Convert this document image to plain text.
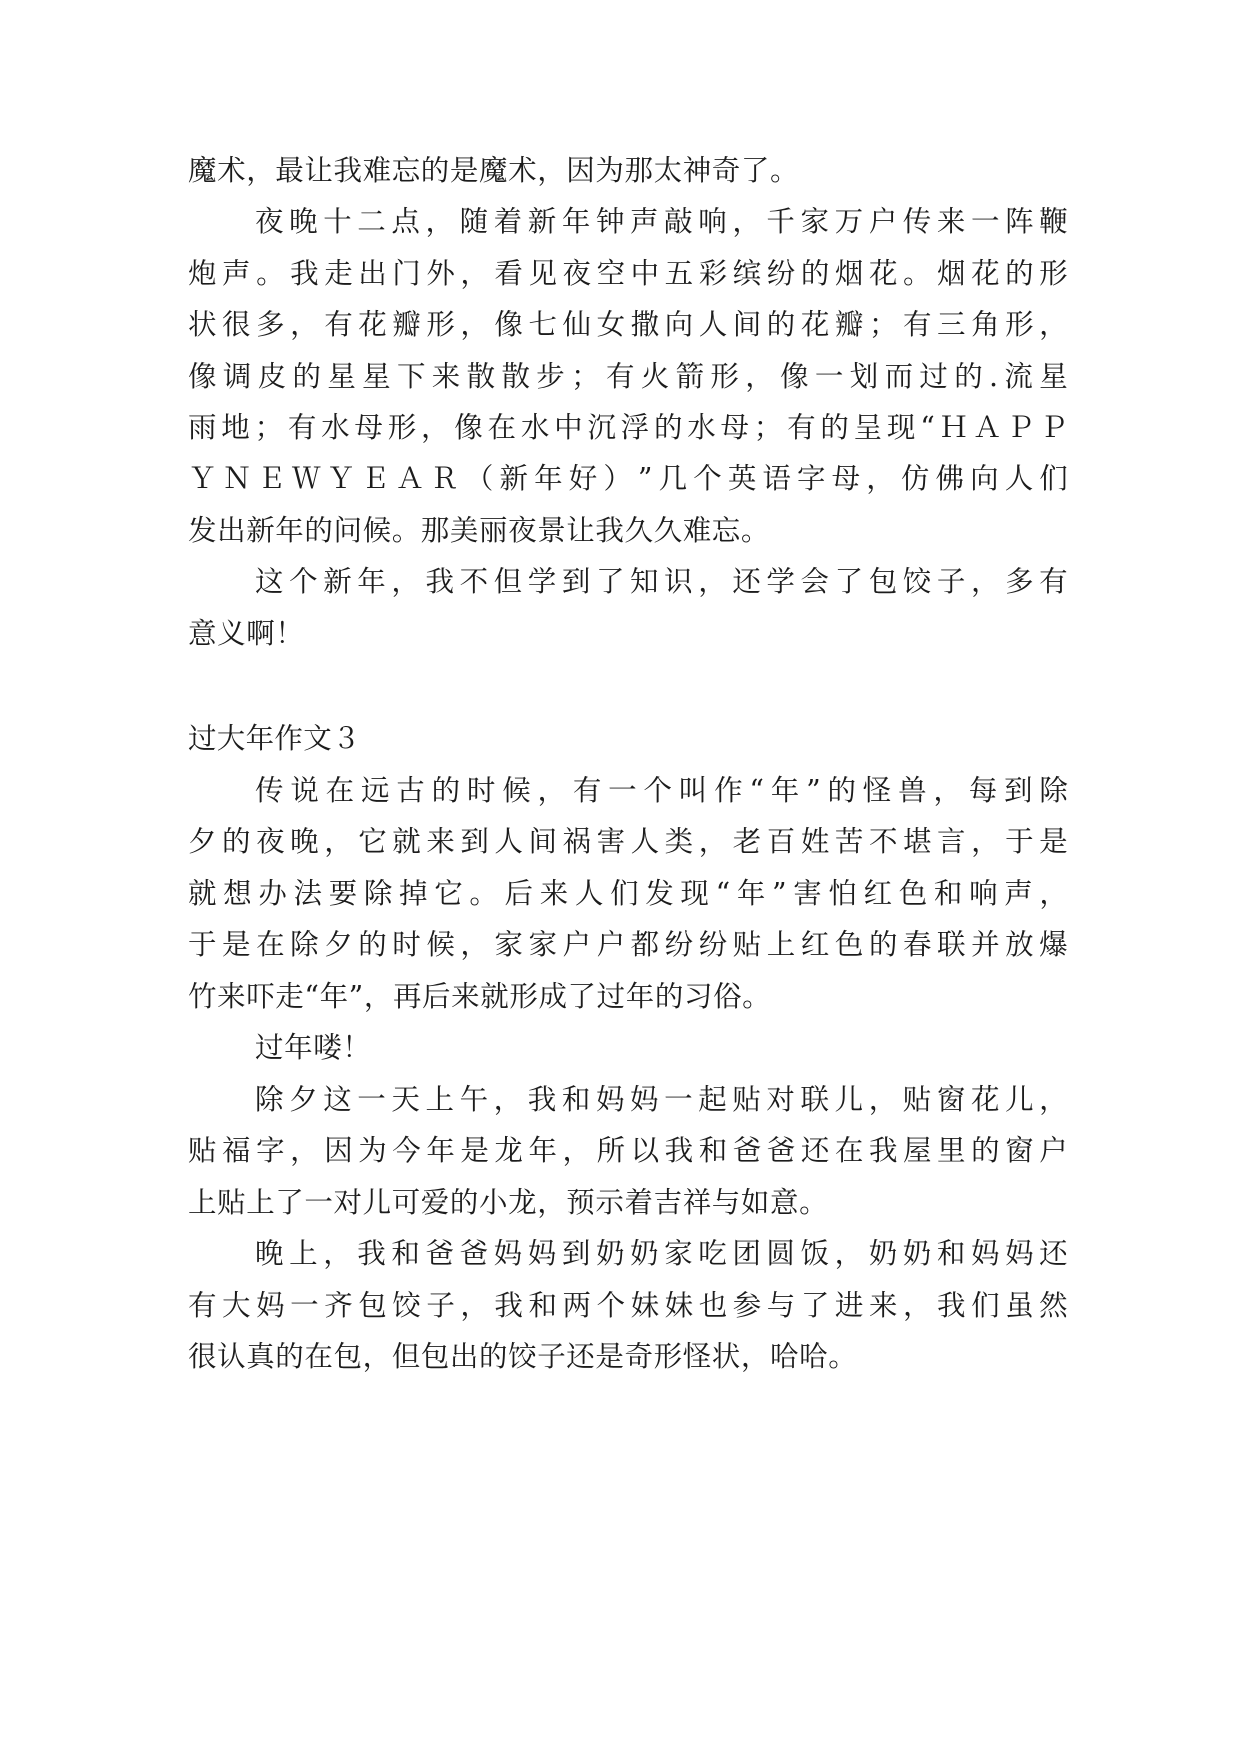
魔术，最让我难忘的是魔术，因为那太神奇了。
夜 晚 十 二 点 ， 随 着 新 年 钟 声 敲 响 ， 千 家 万 户 传 来 一 阵 鞭
炮 声 。 我 走 出 门 外 ， 看 见 夜 空 中 五 彩 缤 纷 的 烟 花 。 烟 花 的 形
状 很 多 ， 有 花 瓣 形 ， 像 七 仙 女 撒 向 人 间 的 花 瓣 ； 有 三 角 形 ，
像 调 皮 的 星 星 下 来 散 散 步 ； 有 火 箭 形 ， 像 一 划 而 过 的 . 流 星
雨 地 ； 有 水 母 形 ， 像 在 水 中 沉 浮 的 水 母 ； 有 的 呈 现 “ Ｈ Ａ Ｐ Ｐ
Ｙ Ｎ Ｅ Ｗ Ｙ Ｅ Ａ Ｒ （ 新 年 好 ） ” 几 个 英 语 字 母 ， 仿 佛 向 人 们
发出新年的问候。那美丽夜景让我久久难忘。
这 个 新 年 ， 我 不 但 学 到 了 知 识 ， 还 学 会 了 包 饺 子 ， 多 有
意义啊！
过大年作文３
传 说 在 远 古 的 时 候 ， 有 一 个 叫 作 “ 年 ” 的 怪 兽 ， 每 到 除
夕 的 夜 晚 ， 它 就 来 到 人 间 祸 害 人 类 ， 老 百 姓 苦 不 堪 言 ， 于 是
就 想 办 法 要 除 掉 它 。 后 来 人 们 发 现 “ 年 ” 害 怕 红 色 和 响 声 ，
于 是 在 除 夕 的 时 候 ， 家 家 户 户 都 纷 纷 贴 上 红 色 的 春 联 并 放 爆
竹来吓走“年”，再后来就形成了过年的习俗。
过年喽！
除 夕 这 一 天 上 午 ， 我 和 妈 妈 一 起 贴 对 联 儿 ， 贴 窗 花 儿 ，
贴 福 字 ， 因 为 今 年 是 龙 年 ， 所 以 我 和 爸 爸 还 在 我 屋 里 的 窗 户
上贴上了一对儿可爱的小龙，预示着吉祥与如意。
晚 上 ， 我 和 爸 爸 妈 妈 到 奶 奶 家 吃 团 圆 饭 ， 奶 奶 和 妈 妈 还
有 大 妈 一 齐 包 饺 子 ， 我 和 两 个 妹 妹 也 参 与 了 进 来 ， 我 们 虽 然
很认真的在包，但包出的饺子还是奇形怪状，哈哈。
